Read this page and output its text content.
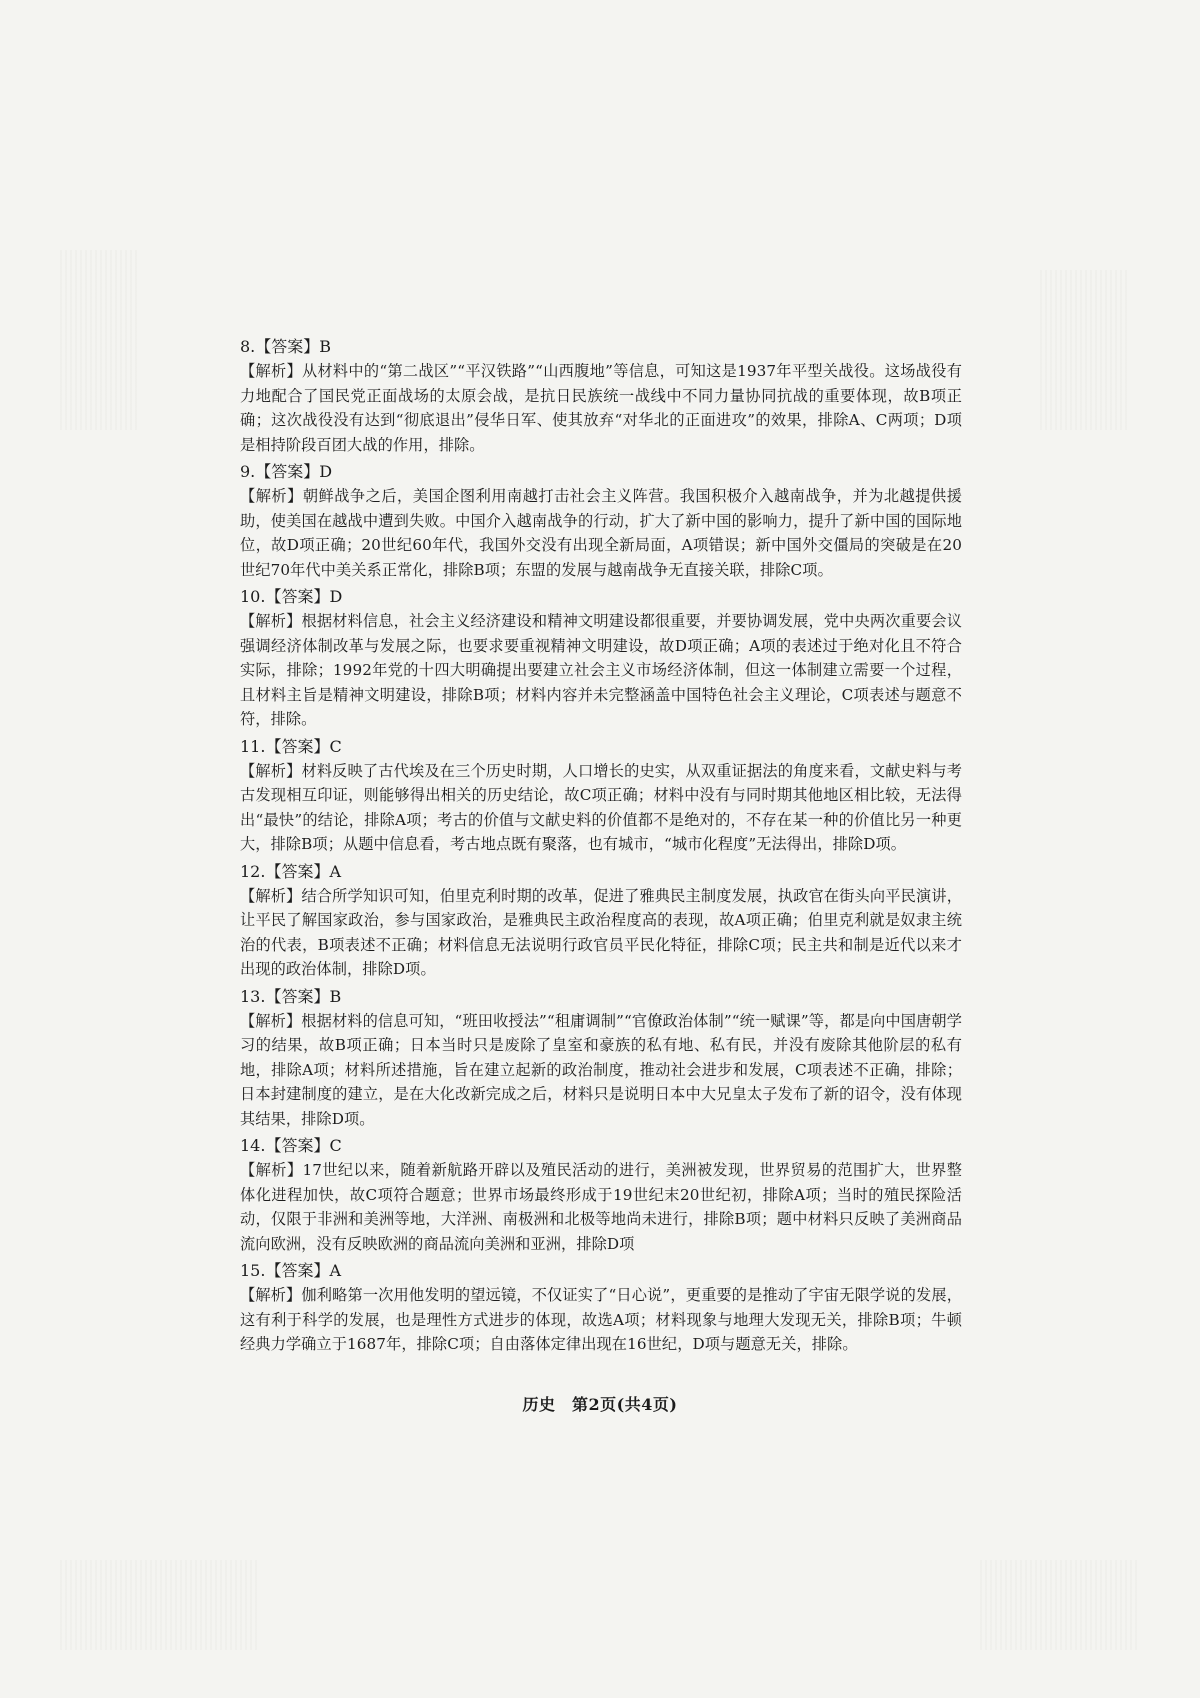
8.【答案】B
【解析】从材料中的“第二战区”“平汉铁路”“山西腹地”等信息，可知这是1937年平型关战役。这场战役有力地配合了国民党正面战场的太原会战，是抗日民族统一战线中不同力量协同抗战的重要体现，故B项正确；这次战役没有达到“彻底退出”侵华日军、使其放弃“对华北的正面进攻”的效果，排除A、C两项；D项是相持阶段百团大战的作用，排除。
9.【答案】D
【解析】朝鲜战争之后，美国企图利用南越打击社会主义阵营。我国积极介入越南战争，并为北越提供援助，使美国在越战中遭到失败。中国介入越南战争的行动，扩大了新中国的影响力，提升了新中国的国际地位，故D项正确；20世纪60年代，我国外交没有出现全新局面，A项错误；新中国外交僵局的突破是在20世纪70年代中美关系正常化，排除B项；东盟的发展与越南战争无直接关联，排除C项。
10.【答案】D
【解析】根据材料信息，社会主义经济建设和精神文明建设都很重要，并要协调发展，党中央两次重要会议强调经济体制改革与发展之际，也要求要重视精神文明建设，故D项正确；A项的表述过于绝对化且不符合实际，排除；1992年党的十四大明确提出要建立社会主义市场经济体制，但这一体制建立需要一个过程，且材料主旨是精神文明建设，排除B项；材料内容并未完整涵盖中国特色社会主义理论，C项表述与题意不符，排除。
11.【答案】C
【解析】材料反映了古代埃及在三个历史时期，人口增长的史实，从双重证据法的角度来看，文献史料与考古发现相互印证，则能够得出相关的历史结论，故C项正确；材料中没有与同时期其他地区相比较，无法得出“最快”的结论，排除A项；考古的价值与文献史料的价值都不是绝对的，不存在某一种的价值比另一种更大，排除B项；从题中信息看，考古地点既有聚落，也有城市，“城市化程度”无法得出，排除D项。
12.【答案】A
【解析】结合所学知识可知，伯里克利时期的改革，促进了雅典民主制度发展，执政官在街头向平民演讲，让平民了解国家政治，参与国家政治，是雅典民主政治程度高的表现，故A项正确；伯里克利就是奴隶主统治的代表，B项表述不正确；材料信息无法说明行政官员平民化特征，排除C项；民主共和制是近代以来才出现的政治体制，排除D项。
13.【答案】B
【解析】根据材料的信息可知，“班田收授法”“租庸调制”“官僚政治体制”“统一赋课”等，都是向中国唐朝学习的结果，故B项正确；日本当时只是废除了皇室和豪族的私有地、私有民，并没有废除其他阶层的私有地，排除A项；材料所述措施，旨在建立起新的政治制度，推动社会进步和发展，C项表述不正确，排除；日本封建制度的建立，是在大化改新完成之后，材料只是说明日本中大兄皇太子发布了新的诏令，没有体现其结果，排除D项。
14.【答案】C
【解析】17世纪以来，随着新航路开辟以及殖民活动的进行，美洲被发现，世界贸易的范围扩大，世界整体化进程加快，故C项符合题意；世界市场最终形成于19世纪末20世纪初，排除A项；当时的殖民探险活动，仅限于非洲和美洲等地，大洋洲、南极洲和北极等地尚未进行，排除B项；题中材料只反映了美洲商品流向欧洲，没有反映欧洲的商品流向美洲和亚洲，排除D项
15.【答案】A
【解析】伽利略第一次用他发明的望远镜，不仅证实了“日心说”，更重要的是推动了宇宙无限学说的发展，这有利于科学的发展，也是理性方式进步的体现，故选A项；材料现象与地理大发现无关，排除B项；牛顿经典力学确立于1687年，排除C项；自由落体定律出现在16世纪，D项与题意无关，排除。
历史　第2页(共4页)
